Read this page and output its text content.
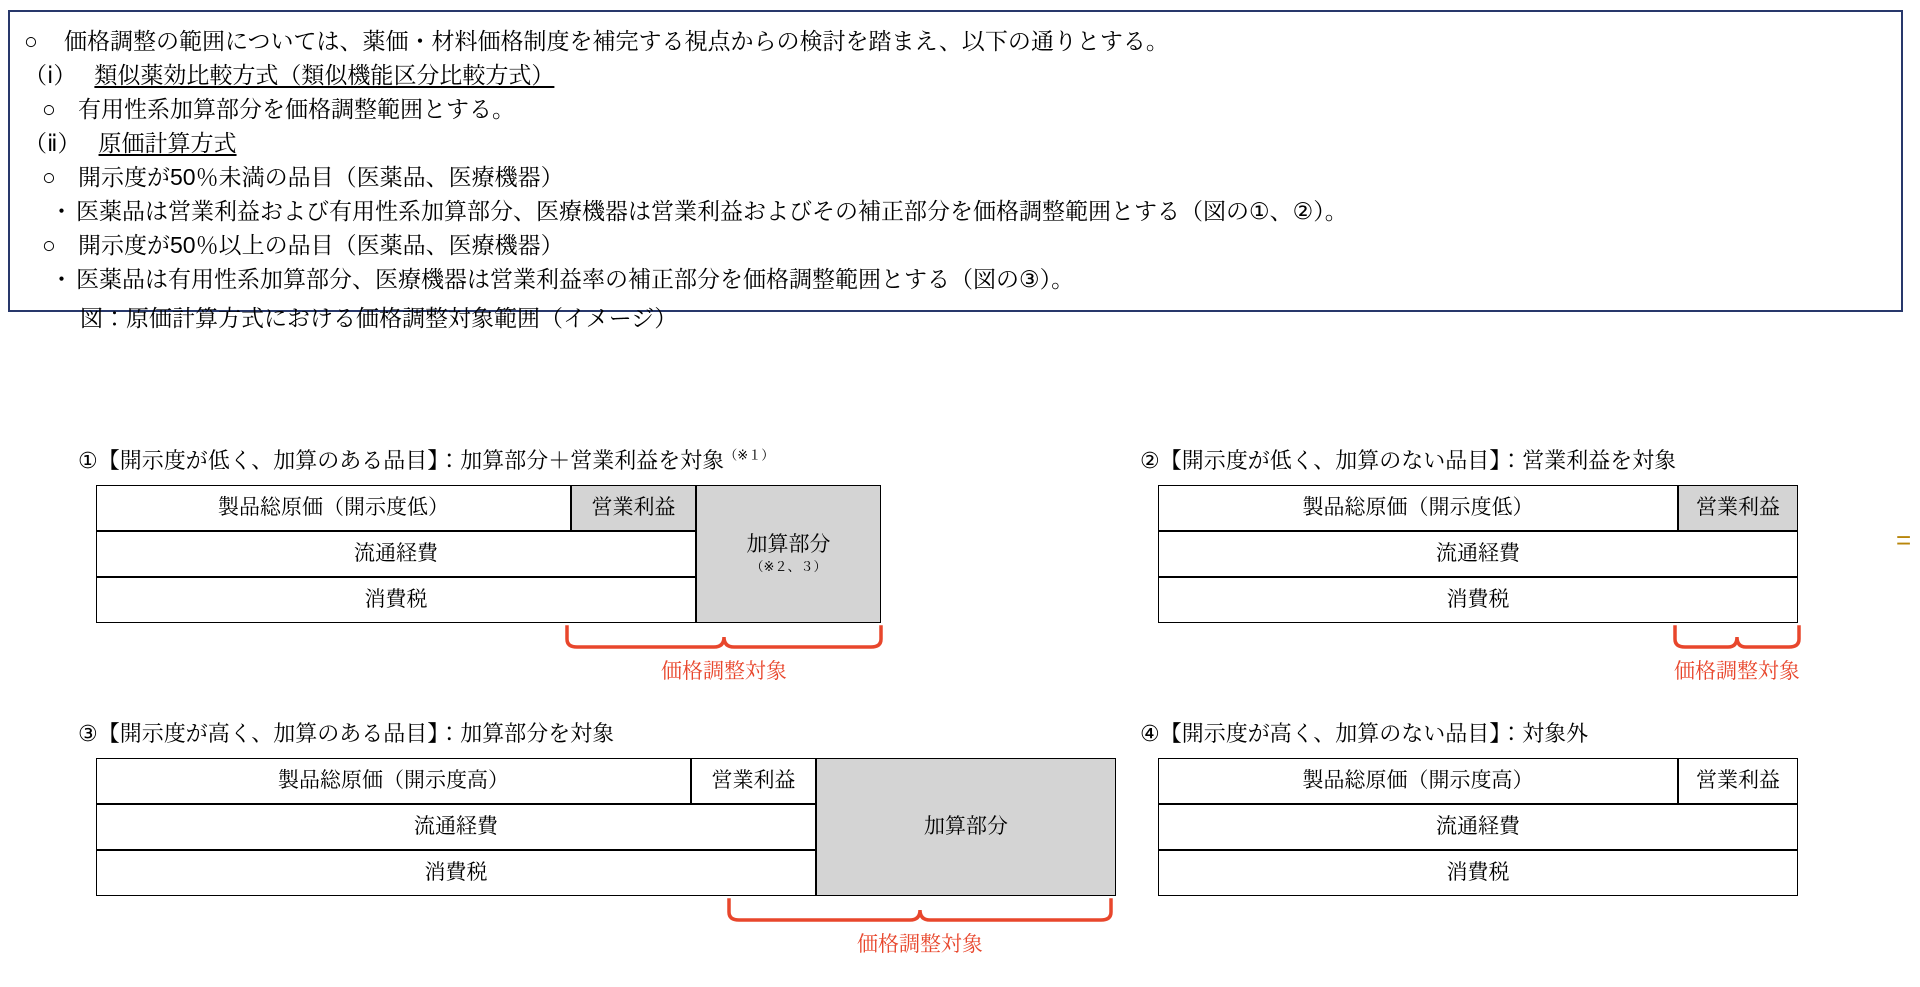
○	価格調整の範囲については、薬価・材料価格制度を補完する視点からの検討を踏まえ、以下の通りとする。
（ⅰ） 類似薬効比較方式（類似機能区分比較方式）
○ 有用性系加算部分を価格調整範囲とする。
（ⅱ） 原価計算方式
○ 開示度が50％未満の品目（医薬品、医療機器）
・ 医薬品は営業利益および有用性系加算部分、医療機器は営業利益およびその補正部分を価格調整範囲とする（図の①、②）。
○ 開示度が50％以上の品目（医薬品、医療機器）
・ 医薬品は有用性系加算部分、医療機器は営業利益率の補正部分を価格調整範囲とする（図の③）。
図：原価計算方式における価格調整対象範囲（イメージ）
①【開示度が低く、加算のある品目】：加算部分＋営業利益を対象$^{(※1)}$
製品総原価（開示度低）	営業利益
流通経費
消費税
加算部分
（※２、３）
価格調整対象
②【開示度が低く、加算のない品目】：営業利益を対象
製品総原価（開示度低）	営業利益
流通経費
消費税
価格調整対象
=
③【開示度が高く、加算のある品目】：加算部分を対象
製品総原価（開示度高）	営業利益
流通経費
消費税
加算部分
価格調整対象
④【開示度が高く、加算のない品目】：対象外
製品総原価（開示度高）	営業利益
流通経費
消費税
